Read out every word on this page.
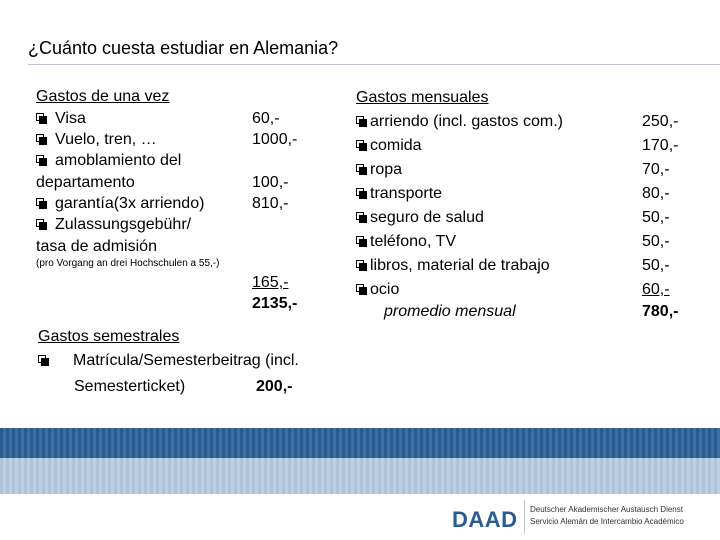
¿Cuánto cuesta estudiar en Alemania?
Gastos de una vez
Visa
Vuelo, tren, …
amoblamiento del
departamento
garantía(3x arriendo)
Zulassungsgebühr/
tasa de admisión
(pro Vorgang an drei Hochschulen a 55,-)
60,-
1000,-
100,-
810,-
165,-
2135,-
Gastos semestrales
Matrícula/Semesterbeitrag (incl.
Semesterticket)	200,-
Gastos mensuales
arriendo (incl. gastos com.)
comida
ropa
transporte
seguro de salud
teléfono, TV
libros, material de trabajo
ocio
promedio mensual
250,-
170,-
70,-
80,-
50,-
50,-
50,-
60,-
780,-
DAAD Deutscher Akademischer Austausch Dienst
Servicio Alemán de Intercambio Académico
